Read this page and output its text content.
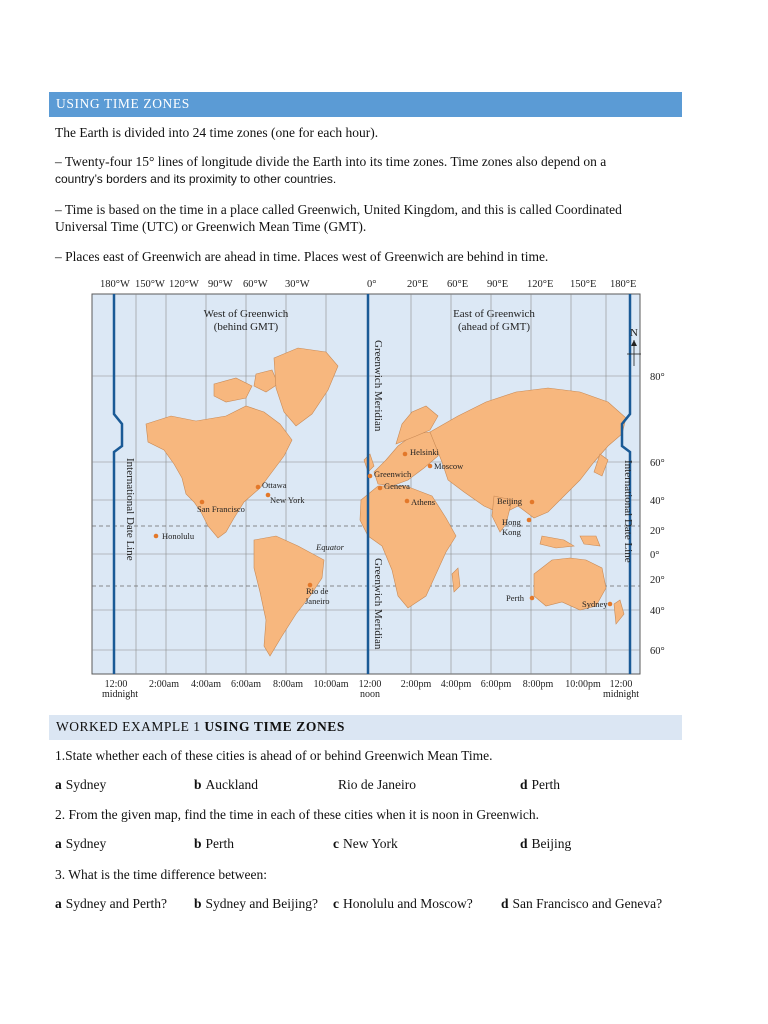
USING TIME ZONES
The Earth is divided into 24 time zones (one for each hour).
– Twenty-four 15° lines of longitude divide the Earth into its time zones. Time zones also depend on a
country’s borders and its proximity to other countries.
– Time is based on the time in a place called Greenwich, United Kingdom, and this is called Coordinated
Universal Time (UTC) or Greenwich Mean Time (GMT).
– Places east of Greenwich are ahead in time. Places west of Greenwich are behind in time.
180°W 150°W 120°W 90°W 60°W 30°W	0°	20°E 60°E 90°E 120°E 150°E 180°E
West of Greenwich
(behind GMT)
East of Greenwich
(ahead of GMT)	N
80°
60°
40°
20°
0°
20°
40°
60°
Equator
Greenwich Meridian
Greenwich Meridian
International Date Line	International Date Line
Helsinki
Moscow
Greenwich
Geneva
Athens
Ottawa
New York
San Francisco
Honolulu
Beijing
Hong
Kong
Rio de
Janeiro	Perth
Sydney
12:00 2:00am 4:00am 6:00am 8:00am 10:00am 12:00 2:00pm 4:00pm 6:00pm 8:00pm 10:00pm 12:00
midnight	noon	midnight
WORKED EXAMPLE 1 USING TIME ZONES
1.State whether each of these cities is ahead of or behind Greenwich Mean Time.
a Sydney	b Auckland	Rio de Janeiro	d Perth
2. From the given map, find the time in each of these cities when it is noon in Greenwich.
a Sydney	b Perth	c New York	d Beijing
3. What is the time difference between:
a Sydney and Perth? b Sydney and Beijing? c Honolulu and Moscow? d San Francisco and Geneva?
